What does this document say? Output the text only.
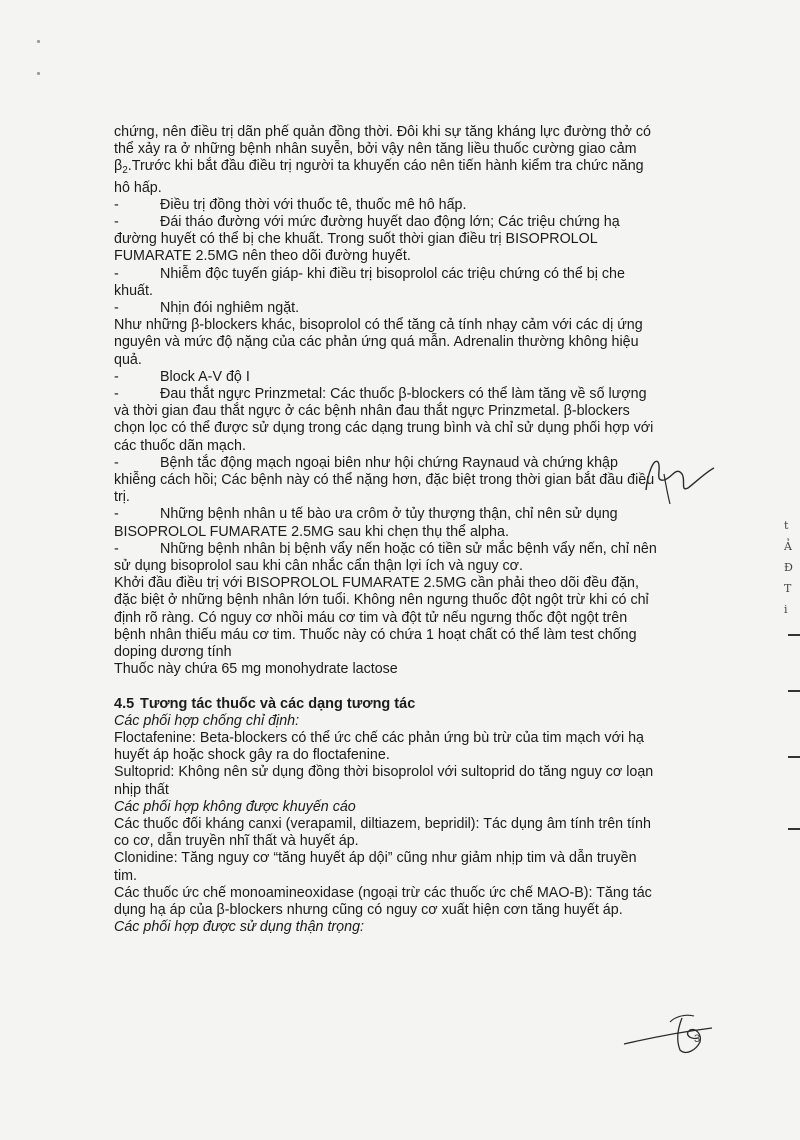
chứng, nên điều trị dãn phế quản đồng thời. Đôi khi sự tăng kháng lực đường thở có

thể xảy ra ở những bệnh nhân suyễn, bởi vậy nên tăng liều thuốc cường giao cảm

$\beta_2.Trước$ khi bắt đầu điều trị người ta khuyến cáo nên tiến hành kiểm tra chức năng

hô hấp.

-	Điều trị đồng thời với thuốc tê, thuốc mê hô hấp.

-	Đái tháo đường với mức đường huyết dao động lớn; Các triệu chứng hạ

đường huyết có thể bị che khuất. Trong suốt thời gian điều trị BISOPROLOL

FUMARATE 2.5MG nên theo dõi đường huyết.

-	Nhiễm độc tuyến giáp- khi điều trị bisoprolol các triệu chứng có thể bị che

khuất.

-	Nhịn đói nghiêm ngặt.

Như những β-blockers khác, bisoprolol có thể tăng cả tính nhạy cảm với các dị ứng

nguyên và mức độ nặng của các phản ứng quá mẫn. Adrenalin thường không hiệu

quả.

-	Block A-V độ I

-	Đau thắt ngực Prinzmetal: Các thuốc β-blockers có thể làm tăng về số lượng

và thời gian đau thắt ngực ở các bệnh nhân đau thắt ngực Prinzmetal. β-blockers

chọn lọc có thể được sử dụng trong các dạng trung bình và chỉ sử dụng phối hợp với

các thuốc dãn mạch.

-	Bệnh tắc động mạch ngoại biên như hội chứng Raynaud và chứng khập

khiễng cách hồi; Các bệnh này có thể nặng hơn, đặc biệt trong thời gian bắt đầu điều

trị.

-	Những bệnh nhân u tế bào ưa crôm ở tủy thượng thận, chỉ nên sử dụng

BISOPROLOL FUMARATE 2.5MG sau khi chẹn thụ thể alpha.

-	Những bệnh nhân bị bệnh vẩy nến hoặc có tiền sử mắc bệnh vẩy nến, chỉ nên

sử dụng bisoprolol sau khi cân nhắc cẩn thận lợi ích và nguy cơ.

Khởi đầu điều trị với BISOPROLOL FUMARATE 2.5MG cần phải theo dõi đều đặn,

đặc biệt ở những bệnh nhân lớn tuổi. Không nên ngưng thuốc đột ngột trừ khi có chỉ

định rõ ràng. Có nguy cơ nhồi máu cơ tim và đột tử nếu ngưng thốc đột ngột trên

bệnh nhân thiếu máu cơ tim. Thuốc này có chứa 1 hoạt chất có thể làm test chống

doping dương tính

Thuốc này chứa 65 mg monohydrate lactose

4.5 Tương tác thuốc và các dạng tương tác

Các phối hợp chống chỉ định:

Floctafenine: Beta-blockers có thể ức chế các phản ứng bù trừ của tim mạch với hạ

huyết áp hoặc shock gây ra do floctafenine.

Sultoprid: Không nên sử dụng đồng thời bisoprolol với sultoprid do tăng nguy cơ loạn

nhịp thất

Các phối hợp không được khuyến cáo

Các thuốc đối kháng canxi (verapamil, diltiazem, bepridil): Tác dụng âm tính trên tính

co cơ, dẫn truyền nhĩ thất và huyết áp.

Clonidine: Tăng nguy cơ “tăng huyết áp dội” cũng như giảm nhịp tim và dẫn truyền

tim.

Các thuốc ức chế monoamineoxidase (ngoại trừ các thuốc ức chế MAO-B): Tăng tác

dụng hạ áp của β-blockers nhưng cũng có nguy cơ xuất hiện cơn tăng huyết áp.

Các phối hợp được sử dụng thận trọng:

t
Ả
Đ
T
i
3
